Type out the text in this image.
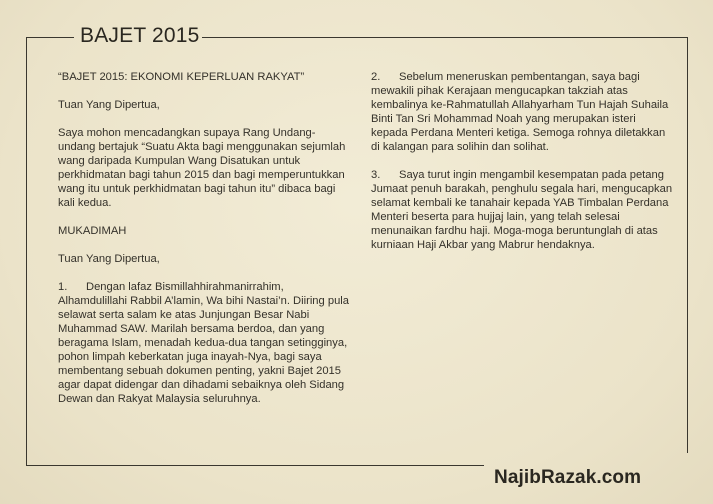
BAJET 2015

“BAJET 2015: EKONOMI KEPERLUAN RAKYAT”

Tuan Yang Dipertua,

Saya mohon mencadangkan supaya Rang Undang-undang bertajuk “Suatu Akta bagi menggunakan sejumlah wang daripada Kumpulan Wang Disatukan untuk perkhidmatan bagi tahun 2015 dan bagi memperuntukkan wang itu untuk perkhidmatan bagi tahun itu” dibaca bagi kali kedua.

MUKADIMAH

Tuan Yang Dipertua,

1. Dengan lafaz Bismillahhirahmanirrahim, Alhamdulillahi Rabbil A’lamin, Wa bihi Nastai’n. Diiring pula selawat serta salam ke atas Junjungan Besar Nabi Muhammad SAW. Marilah bersama berdoa, dan yang beragama Islam, menadah kedua-dua tangan setingginya, pohon limpah keberkatan juga inayah-Nya, bagi saya membentang sebuah dokumen penting, yakni Bajet 2015 agar dapat didengar dan dihadami sebaiknya oleh Sidang Dewan dan Rakyat Malaysia seluruhnya.

2. Sebelum meneruskan pembentangan, saya bagi mewakili pihak Kerajaan mengucapkan takziah atas kembalinya ke-Rahmatullah Allahyarham Tun Hajah Suhaila Binti Tan Sri Mohammad Noah yang merupakan isteri kepada Perdana Menteri ketiga. Semoga rohnya diletakkan di kalangan para solihin dan solihat.

3. Saya turut ingin mengambil kesempatan pada petang Jumaat penuh barakah, penghulu segala hari, mengucapkan selamat kembali ke tanahair kepada YAB Timbalan Perdana Menteri beserta para hujjaj lain, yang telah selesai menunaikan fardhu haji. Moga-moga beruntunglah di atas kurniaan Haji Akbar yang Mabrur hendaknya.

NajibRazak.com
